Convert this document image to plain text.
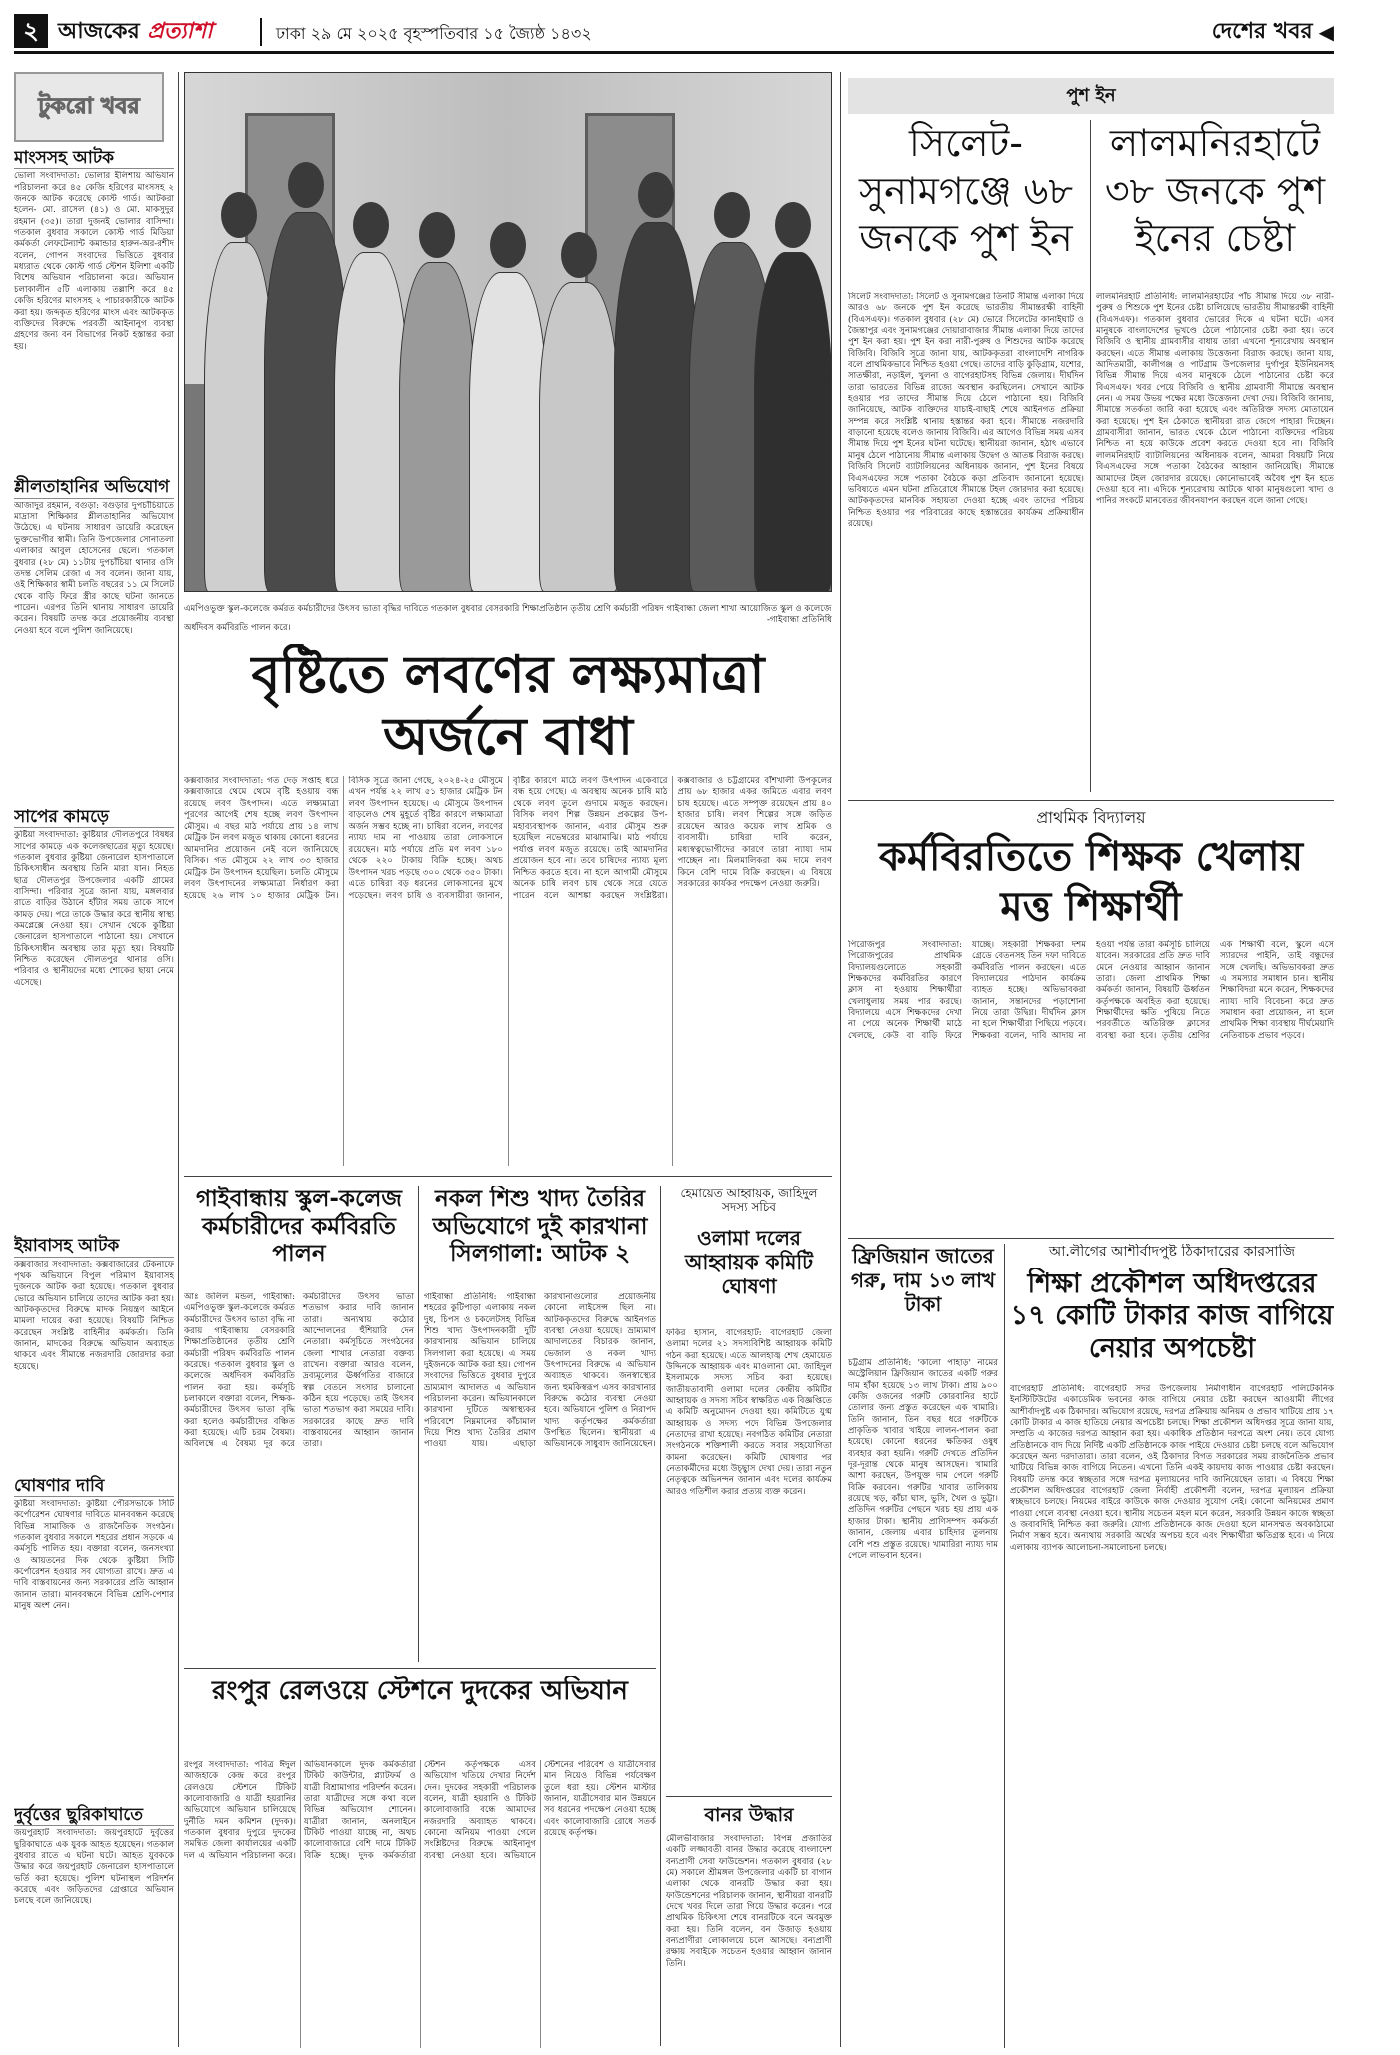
২ আজকের প্রত্যাশা	ঢাকা ২৯ মে ২০২৫ বৃহস্পতিবার ১৫ জ্যৈষ্ঠ ১৪৩২	দেশের খবর ◀
টুকরো খবর
মাংসসহ আটক
ভোলা সংবাদদাতা: ভোলার ইলিশায় অভিযান পরিচালনা করে ৪৫ কেজি হরিণের মাংসসহ ২ জনকে আটক করেছে কোস্ট গার্ড। আটকরা হলেন- মো. রাসেল (৪১) ও মো. মাকসুদুর রহমান (৩৫)। তারা দুজনই ভোলার বাসিন্দা। গতকাল বুধবার সকালে কোস্ট গার্ড মিডিয়া কর্মকর্তা লেফটেন্যান্ট কমান্ডার হারুন-অর-রশীদ বলেন, গোপন সংবাদের ভিত্তিতে বুধবার মধ্যরাত থেকে কোস্ট গার্ড স্টেশন ইলিশা একটি বিশেষ অভিযান পরিচালনা করে। অভিযান চলাকালীন ৫টি এলাকায় তল্লাশি করে ৪৫ কেজি হরিণের মাংসসহ ২ পাচারকারীকে আটক করা হয়। জব্দকৃত হরিণের মাংস এবং আটককৃত ব্যক্তিদের বিরুদ্ধে পরবর্তী আইনানুগ ব্যবস্থা গ্রহণের জন্য বন বিভাগের নিকট হস্তান্তর করা হয়।
শ্লীলতাহানির অভিযোগ
আজাদুর রহমান, বগুড়া: বগুড়ার দুপচাঁচিয়াতে মাদ্রাসা শিক্ষিকার শ্লীলতাহানির অভিযোগ উঠেছে। এ ঘটনায় সাধারণ ডায়েরি করেছেন ভুক্তভোগীর স্বামী। তিনি উপজেলার সোনাতলা এলাকার আবুল হোসেনের ছেলে। গতকাল বুধবার (২৮ মে) ১১টায় দুপচাঁচিয়া থানার ওসি তদন্ত সেলিম রেজা এ সব বলেন। জানা যায়, ওই শিক্ষিকার স্বামী চলতি বছরের ১১ মে সিলেট থেকে বাড়ি ফিরে স্ত্রীর কাছে ঘটনা জানতে পারেন। এরপর তিনি থানায় সাধারণ ডায়েরি করেন। বিষয়টি তদন্ত করে প্রয়োজনীয় ব্যবস্থা নেওয়া হবে বলে পুলিশ জানিয়েছে।
সাপের কামড়ে
কুষ্টিয়া সংবাদদাতা: কুষ্টিয়ার দৌলতপুরে বিষধর সাপের কামড়ে এক কলেজছাত্রের মৃত্যু হয়েছে। গতকাল বুধবার কুষ্টিয়া জেনারেল হাসপাতালে চিকিৎসাধীন অবস্থায় তিনি মারা যান। নিহত ছাত্র দৌলতপুর উপজেলার একটি গ্রামের বাসিন্দা। পরিবার সূত্রে জানা যায়, মঙ্গলবার রাতে বাড়ির উঠানে হাঁটার সময় তাকে সাপে কামড় দেয়। পরে তাকে উদ্ধার করে স্থানীয় স্বাস্থ্য কমপ্লেক্সে নেওয়া হয়। সেখান থেকে কুষ্টিয়া জেনারেল হাসপাতালে পাঠানো হয়। সেখানে চিকিৎসাধীন অবস্থায় তার মৃত্যু হয়। বিষয়টি নিশ্চিত করেছেন দৌলতপুর থানার ওসি। পরিবার ও স্থানীয়দের মধ্যে শোকের ছায়া নেমে এসেছে।
ইয়াবাসহ আটক
কক্সবাজার সংবাদদাতা: কক্সবাজারের টেকনাফে পৃথক অভিযানে বিপুল পরিমাণ ইয়াবাসহ দুজনকে আটক করা হয়েছে। গতকাল বুধবার ভোরে অভিযান চালিয়ে তাদের আটক করা হয়। আটককৃতদের বিরুদ্ধে মাদক নিয়ন্ত্রণ আইনে মামলা দায়ের করা হয়েছে। বিষয়টি নিশ্চিত করেছেন সংশ্লিষ্ট বাহিনীর কর্মকর্তা। তিনি জানান, মাদকের বিরুদ্ধে অভিযান অব্যাহত থাকবে এবং সীমান্তে নজরদারি জোরদার করা হয়েছে।
ঘোষণার দাবি
কুষ্টিয়া সংবাদদাতা: কুষ্টিয়া পৌরসভাকে সিটি কর্পোরেশন ঘোষণার দাবিতে মানববন্ধন করেছে বিভিন্ন সামাজিক ও রাজনৈতিক সংগঠন। গতকাল বুধবার সকালে শহরের প্রধান সড়কে এ কর্মসূচি পালিত হয়। বক্তারা বলেন, জনসংখ্যা ও আয়তনের দিক থেকে কুষ্টিয়া সিটি কর্পোরেশন হওয়ার সব যোগ্যতা রাখে। দ্রুত এ দাবি বাস্তবায়নের জন্য সরকারের প্রতি আহ্বান জানান তারা। মানববন্ধনে বিভিন্ন শ্রেণি-পেশার মানুষ অংশ নেন।
দুর্বৃত্তের ছুরিকাঘাতে
জয়পুরহাট সংবাদদাতা: জয়পুরহাটে দুর্বৃত্তের ছুরিকাঘাতে এক যুবক আহত হয়েছেন। গতকাল বুধবার রাতে এ ঘটনা ঘটে। আহত যুবককে উদ্ধার করে জয়পুরহাট জেনারেল হাসপাতালে ভর্তি করা হয়েছে। পুলিশ ঘটনাস্থল পরিদর্শন করেছে এবং জড়িতদের গ্রেপ্তারে অভিযান চলছে বলে জানিয়েছে।
এমপিওভুক্ত স্কুল-কলেজে কর্মরত কর্মচারীদের উৎসব ভাতা বৃদ্ধির দাবিতে গতকাল বুধবার বেসরকারি শিক্ষাপ্রতিষ্ঠান তৃতীয় শ্রেণি কর্মচারী পরিষদ গাইবান্ধা জেলা শাখা আয়োজিত স্কুল ও কলেজে অর্ধদিবস কর্মবিরতি পালন করে।
-গাইবান্ধা প্রতিনিধি
বৃষ্টিতে লবণের লক্ষ্যমাত্রা অর্জনে বাধা
কক্সবাজার সংবাদদাতা: গত দেড় সপ্তাহ ধরে কক্সবাজারে থেমে থেমে বৃষ্টি হওয়ায় বন্ধ রয়েছে লবণ উৎপাদন। এতে লক্ষ্যমাত্রা পূরণের আগেই শেষ হচ্ছে লবণ উৎপাদন মৌসুম। এ বছর মাঠ পর্যায়ে প্রায় ১৪ লাখ মেট্রিক টন লবণ মজুত থাকায় কোনো ধরনের আমদানির প্রয়োজন নেই বলে জানিয়েছে বিসিক। গত মৌসুমে ২২ লাখ ৩৩ হাজার মেট্রিক টন উৎপাদন হয়েছিল। চলতি মৌসুমে লবণ উৎপাদনের লক্ষ্যমাত্রা নির্ধারণ করা হয়েছে ২৬ লাখ ১০ হাজার মেট্রিক টন। বিসিক সূত্রে জানা গেছে, ২০২৪-২৫ মৌসুমে এখন পর্যন্ত ২২ লাখ ৫১ হাজার মেট্রিক টন লবণ উৎপাদন হয়েছে। এ মৌসুমে উৎপাদন বাড়লেও শেষ মুহূর্তে বৃষ্টির কারণে লক্ষ্যমাত্রা অর্জন সম্ভব হচ্ছে না। চাষিরা বলেন, লবণের ন্যায্য দাম না পাওয়ায় তারা লোকসানে রয়েছেন। মাঠ পর্যায়ে প্রতি মণ লবণ ১৮০ থেকে ২২০ টাকায় বিক্রি হচ্ছে। অথচ উৎপাদন খরচ পড়ছে ৩০০ থেকে ৩৫০ টাকা। এতে চাষিরা বড় ধরনের লোকসানের মুখে পড়েছেন। লবণ চাষি ও ব্যবসায়ীরা জানান, বৃষ্টির কারণে মাঠে লবণ উৎপাদন একেবারে বন্ধ হয়ে গেছে। এ অবস্থায় অনেক চাষি মাঠ থেকে লবণ তুলে গুদামে মজুত করছেন। বিসিক লবণ শিল্প উন্নয়ন প্রকল্পের উপ-মহাব্যবস্থাপক জানান, এবার মৌসুম শুরু হয়েছিল নভেম্বরের মাঝামাঝি। মাঠ পর্যায়ে পর্যাপ্ত লবণ মজুত রয়েছে। তাই আমদানির প্রয়োজন হবে না। তবে চাষিদের ন্যায্য মূল্য নিশ্চিত করতে হবে। না হলে আগামী মৌসুমে অনেক চাষি লবণ চাষ থেকে সরে যেতে পারেন বলে আশঙ্কা করছেন সংশ্লিষ্টরা। কক্সবাজার ও চট্টগ্রামের বাঁশখালী উপকূলের প্রায় ৬৮ হাজার একর জমিতে এবার লবণ চাষ হয়েছে। এতে সম্পৃক্ত রয়েছেন প্রায় ৪০ হাজার চাষি। লবণ শিল্পের সঙ্গে জড়িত রয়েছেন আরও কয়েক লাখ শ্রমিক ও ব্যবসায়ী। চাষিরা দাবি করেন, মধ্যস্বত্বভোগীদের কারণে তারা ন্যায্য দাম পাচ্ছেন না। মিলমালিকরা কম দামে লবণ কিনে বেশি দামে বিক্রি করছেন। এ বিষয়ে সরকারের কার্যকর পদক্ষেপ নেওয়া জরুরি।
গাইবান্ধায় স্কুল-কলেজ কর্মচারীদের কর্মবিরতি পালন
আঃ জলিল মন্ডল, গাইবান্ধা: এমপিওভুক্ত স্কুল-কলেজে কর্মরত কর্মচারীদের উৎসব ভাতা বৃদ্ধি না করায় গাইবান্ধায় বেসরকারি শিক্ষাপ্রতিষ্ঠানের তৃতীয় শ্রেণি কর্মচারী পরিষদ কর্মবিরতি পালন করেছে। গতকাল বুধবার স্কুল ও কলেজে অর্ধদিবস কর্মবিরতি পালন করা হয়। কর্মসূচি চলাকালে বক্তারা বলেন, শিক্ষক-কর্মচারীদের উৎসব ভাতা বৃদ্ধি করা হলেও কর্মচারীদের বঞ্চিত করা হয়েছে। এটি চরম বৈষম্য। অবিলম্বে এ বৈষম্য দূর করে কর্মচারীদের উৎসব ভাতা শতভাগ করার দাবি জানান তারা। অন্যথায় কঠোর আন্দোলনের হুঁশিয়ারি দেন নেতারা। কর্মসূচিতে সংগঠনের জেলা শাখার নেতারা বক্তব্য রাখেন। বক্তারা আরও বলেন, দ্রব্যমূল্যের ঊর্ধ্বগতির বাজারে স্বল্প বেতনে সংসার চালানো কঠিন হয়ে পড়েছে। তাই উৎসব ভাতা শতভাগ করা সময়ের দাবি। সরকারের কাছে দ্রুত দাবি বাস্তবায়নের আহ্বান জানান তারা।
নকল শিশু খাদ্য তৈরির অভিযোগে দুই কারখানা সিলগালা: আটক ২
গাইবান্ধা প্রতিনিধি: গাইবান্ধা শহরের কুটিপাড়া এলাকায় নকল দুধ, চিপস ও চকলেটসহ বিভিন্ন শিশু খাদ্য উৎপাদনকারী দুটি কারখানায় অভিযান চালিয়ে সিলগালা করা হয়েছে। এ সময় দুইজনকে আটক করা হয়। গোপন সংবাদের ভিত্তিতে বুধবার দুপুরে ভ্রাম্যমাণ আদালত এ অভিযান পরিচালনা করেন। অভিযানকালে কারখানা দুটিতে অস্বাস্থ্যকর পরিবেশে নিম্নমানের কাঁচামাল দিয়ে শিশু খাদ্য তৈরির প্রমাণ পাওয়া যায়। এছাড়া কারখানাগুলোর প্রয়োজনীয় কোনো লাইসেন্স ছিল না। আটককৃতদের বিরুদ্ধে আইনগত ব্যবস্থা নেওয়া হয়েছে। ভ্রাম্যমাণ আদালতের বিচারক জানান, ভেজাল ও নকল খাদ্য উৎপাদনের বিরুদ্ধে এ অভিযান অব্যাহত থাকবে। জনস্বাস্থ্যের জন্য হুমকিস্বরূপ এসব কারখানার বিরুদ্ধে কঠোর ব্যবস্থা নেওয়া হবে। অভিযানে পুলিশ ও নিরাপদ খাদ্য কর্তৃপক্ষের কর্মকর্তারা উপস্থিত ছিলেন। স্থানীয়রা এ অভিযানকে সাধুবাদ জানিয়েছেন।
রংপুর রেলওয়ে স্টেশনে দুদকের অভিযান
রংপুর সংবাদদাতা: পবিত্র ঈদুল আজহাকে কেন্দ্র করে রংপুর রেলওয়ে স্টেশনে টিকিট কালোবাজারি ও যাত্রী হয়রানির অভিযোগে অভিযান চালিয়েছে দুর্নীতি দমন কমিশন (দুদক)। গতকাল বুধবার দুপুরে দুদকের সমন্বিত জেলা কার্যালয়ের একটি দল এ অভিযান পরিচালনা করে। অভিযানকালে দুদক কর্মকর্তারা টিকিট কাউন্টার, প্ল্যাটফর্ম ও যাত্রী বিশ্রামাগার পরিদর্শন করেন। তারা যাত্রীদের সঙ্গে কথা বলে বিভিন্ন অভিযোগ শোনেন। যাত্রীরা জানান, অনলাইনে টিকিট পাওয়া যাচ্ছে না, অথচ কালোবাজারে বেশি দামে টিকিট বিক্রি হচ্ছে। দুদক কর্মকর্তারা স্টেশন কর্তৃপক্ষকে এসব অভিযোগ খতিয়ে দেখার নির্দেশ দেন। দুদকের সহকারী পরিচালক বলেন, যাত্রী হয়রানি ও টিকিট কালোবাজারি বন্ধে আমাদের নজরদারি অব্যাহত থাকবে। কোনো অনিয়ম পাওয়া গেলে সংশ্লিষ্টদের বিরুদ্ধে আইনানুগ ব্যবস্থা নেওয়া হবে। অভিযানে স্টেশনের পরিবেশ ও যাত্রীসেবার মান নিয়েও বিভিন্ন পর্যবেক্ষণ তুলে ধরা হয়। স্টেশন মাস্টার জানান, যাত্রীসেবার মান উন্নয়নে সব ধরনের পদক্ষেপ নেওয়া হচ্ছে এবং কালোবাজারি রোধে সতর্ক রয়েছে কর্তৃপক্ষ।
হেমায়েত আহ্বায়ক, জাহিদুল সদস্য সচিব
ওলামা দলের আহ্বায়ক কমিটি ঘোষণা
ফকির হাসান, বাগেরহাট: বাগেরহাট জেলা ওলামা দলের ২১ সদস্যবিশিষ্ট আহ্বায়ক কমিটি গঠন করা হয়েছে। এতে আলহাজ্ব শেখ হেমায়েত উদ্দিনকে আহ্বায়ক এবং মাওলানা মো. জাহিদুল ইসলামকে সদস্য সচিব করা হয়েছে। জাতীয়তাবাদী ওলামা দলের কেন্দ্রীয় কমিটির আহ্বায়ক ও সদস্য সচিব স্বাক্ষরিত এক বিজ্ঞপ্তিতে এ কমিটি অনুমোদন দেওয়া হয়। কমিটিতে যুগ্ম আহ্বায়ক ও সদস্য পদে বিভিন্ন উপজেলার নেতাদের রাখা হয়েছে। নবগঠিত কমিটির নেতারা সংগঠনকে শক্তিশালী করতে সবার সহযোগিতা কামনা করেছেন। কমিটি ঘোষণার পর নেতাকর্মীদের মধ্যে উচ্ছ্বাস দেখা দেয়। তারা নতুন নেতৃত্বকে অভিনন্দন জানান এবং দলের কার্যক্রম আরও গতিশীল করার প্রত্যয় ব্যক্ত করেন।
বানর উদ্ধার
মৌলভীবাজার সংবাদদাতা: বিপন্ন প্রজাতির একটি লজ্জাবতী বানর উদ্ধার করেছে বাংলাদেশ বন্যপ্রাণী সেবা ফাউন্ডেশন। গতকাল বুধবার (২৮ মে) সকালে শ্রীমঙ্গল উপজেলার একটি চা বাগান এলাকা থেকে বানরটি উদ্ধার করা হয়। ফাউন্ডেশনের পরিচালক জানান, স্থানীয়রা বানরটি দেখে খবর দিলে তারা গিয়ে উদ্ধার করেন। পরে প্রাথমিক চিকিৎসা শেষে বানরটিকে বনে অবমুক্ত করা হয়। তিনি বলেন, বন উজাড় হওয়ায় বন্যপ্রাণীরা লোকালয়ে চলে আসছে। বন্যপ্রাণী রক্ষায় সবাইকে সচেতন হওয়ার আহ্বান জানান তিনি।
পুশ ইন
সিলেট-সুনামগঞ্জে ৬৮ জনকে পুশ ইন
লালমনিরহাটে ৩৮ জনকে পুশ ইনের চেষ্টা
সিলেট সংবাদদাতা: সিলেট ও সুনামগঞ্জের তিনটি সীমান্ত এলাকা দিয়ে আরও ৬৮ জনকে পুশ ইন করেছে ভারতীয় সীমান্তরক্ষী বাহিনী (বিএসএফ)। গতকাল বুধবার (২৮ মে) ভোরে সিলেটের কানাইঘাট ও জৈন্তাপুর এবং সুনামগঞ্জের দোয়ারাবাজার সীমান্ত এলাকা দিয়ে তাদের পুশ ইন করা হয়। পুশ ইন করা নারী-পুরুষ ও শিশুদের আটক করেছে বিজিবি। বিজিবি সূত্রে জানা যায়, আটককৃতরা বাংলাদেশি নাগরিক বলে প্রাথমিকভাবে নিশ্চিত হওয়া গেছে। তাদের বাড়ি কুড়িগ্রাম, যশোর, সাতক্ষীরা, নড়াইল, খুলনা ও বাগেরহাটসহ বিভিন্ন জেলায়। দীর্ঘদিন তারা ভারতের বিভিন্ন রাজ্যে অবস্থান করছিলেন। সেখানে আটক হওয়ার পর তাদের সীমান্ত দিয়ে ঠেলে পাঠানো হয়। বিজিবি জানিয়েছে, আটক ব্যক্তিদের যাচাই-বাছাই শেষে আইনগত প্রক্রিয়া সম্পন্ন করে সংশ্লিষ্ট থানায় হস্তান্তর করা হবে। সীমান্তে নজরদারি বাড়ানো হয়েছে বলেও জানায় বিজিবি। এর আগেও বিভিন্ন সময় এসব সীমান্ত দিয়ে পুশ ইনের ঘটনা ঘটেছে। স্থানীয়রা জানান, হঠাৎ এভাবে মানুষ ঠেলে পাঠানোয় সীমান্ত এলাকায় উদ্বেগ ও আতঙ্ক বিরাজ করছে। বিজিবি সিলেট ব্যাটালিয়নের অধিনায়ক জানান, পুশ ইনের বিষয়ে বিএসএফের সঙ্গে পতাকা বৈঠকে কড়া প্রতিবাদ জানানো হয়েছে। ভবিষ্যতে এমন ঘটনা প্রতিরোধে সীমান্তে টহল জোরদার করা হয়েছে। আটককৃতদের মানবিক সহায়তা দেওয়া হচ্ছে এবং তাদের পরিচয় নিশ্চিত হওয়ার পর পরিবারের কাছে হস্তান্তরের কার্যক্রম প্রক্রিয়াধীন রয়েছে।
লালমনিরহাট প্রতিনিধি: লালমনিরহাটের পাঁচ সীমান্ত দিয়ে ৩৮ নারী-পুরুষ ও শিশুকে পুশ ইনের চেষ্টা চালিয়েছে ভারতীয় সীমান্তরক্ষী বাহিনী (বিএসএফ)। গতকাল বুধবার ভোরের দিকে এ ঘটনা ঘটে। এসব মানুষকে বাংলাদেশের ভূখণ্ডে ঠেলে পাঠানোর চেষ্টা করা হয়। তবে বিজিবি ও স্থানীয় গ্রামবাসীর বাধায় তারা এখনো শূন্যরেখায় অবস্থান করছেন। এতে সীমান্ত এলাকায় উত্তেজনা বিরাজ করছে। জানা যায়, আদিতমারী, কালীগঞ্জ ও পাটগ্রাম উপজেলার দুর্গাপুর ইউনিয়নসহ বিভিন্ন সীমান্ত দিয়ে এসব মানুষকে ঠেলে পাঠানোর চেষ্টা করে বিএসএফ। খবর পেয়ে বিজিবি ও স্থানীয় গ্রামবাসী সীমান্তে অবস্থান নেন। এ সময় উভয় পক্ষের মধ্যে উত্তেজনা দেখা দেয়। বিজিবি জানায়, সীমান্তে সতর্কতা জারি করা হয়েছে এবং অতিরিক্ত সদস্য মোতায়েন করা হয়েছে। পুশ ইন ঠেকাতে স্থানীয়রা রাত জেগে পাহারা দিচ্ছেন। গ্রামবাসীরা জানান, ভারত থেকে ঠেলে পাঠানো ব্যক্তিদের পরিচয় নিশ্চিত না হয়ে কাউকে প্রবেশ করতে দেওয়া হবে না। বিজিবি লালমনিরহাট ব্যাটালিয়নের অধিনায়ক বলেন, আমরা বিষয়টি নিয়ে বিএসএফের সঙ্গে পতাকা বৈঠকের আহ্বান জানিয়েছি। সীমান্তে আমাদের টহল জোরদার রয়েছে। কোনোভাবেই অবৈধ পুশ ইন হতে দেওয়া হবে না। এদিকে শূন্যরেখায় আটকে থাকা মানুষগুলো খাদ্য ও পানির সংকটে মানবেতর জীবনযাপন করছেন বলে জানা গেছে।
প্রাথমিক বিদ্যালয়
কর্মবিরতিতে শিক্ষক খেলায় মত্ত শিক্ষার্থী
পিরোজপুর সংবাদদাতা: পিরোজপুরের প্রাথমিক বিদ্যালয়গুলোতে সহকারী শিক্ষকদের কর্মবিরতির কারণে ক্লাস না হওয়ায় শিক্ষার্থীরা খেলাধুলায় সময় পার করছে। বিদ্যালয়ে এসে শিক্ষকদের দেখা না পেয়ে অনেক শিক্ষার্থী মাঠে খেলছে, কেউ বা বাড়ি ফিরে যাচ্ছে। সহকারী শিক্ষকরা দশম গ্রেডে বেতনসহ তিন দফা দাবিতে কর্মবিরতি পালন করছেন। এতে বিদ্যালয়ের পাঠদান কার্যক্রম ব্যাহত হচ্ছে। অভিভাবকরা জানান, সন্তানদের পড়াশোনা নিয়ে তারা উদ্বিগ্ন। দীর্ঘদিন ক্লাস না হলে শিক্ষার্থীরা পিছিয়ে পড়বে। শিক্ষকরা বলেন, দাবি আদায় না হওয়া পর্যন্ত তারা কর্মসূচি চালিয়ে যাবেন। সরকারের প্রতি দ্রুত দাবি মেনে নেওয়ার আহ্বান জানান তারা। জেলা প্রাথমিক শিক্ষা কর্মকর্তা জানান, বিষয়টি ঊর্ধ্বতন কর্তৃপক্ষকে অবহিত করা হয়েছে। শিক্ষার্থীদের ক্ষতি পুষিয়ে নিতে পরবর্তীতে অতিরিক্ত ক্লাসের ব্যবস্থা করা হবে। তৃতীয় শ্রেণির এক শিক্ষার্থী বলে, স্কুলে এসে স্যারদের পাইনি, তাই বন্ধুদের সঙ্গে খেলছি। অভিভাবকরা দ্রুত এ সমস্যার সমাধান চান। স্থানীয় শিক্ষাবিদরা মনে করেন, শিক্ষকদের ন্যায্য দাবি বিবেচনা করে দ্রুত সমাধান করা প্রয়োজন, না হলে প্রাথমিক শিক্ষা ব্যবস্থায় দীর্ঘমেয়াদি নেতিবাচক প্রভাব পড়বে।
ফ্রিজিয়ান জাতের গরু, দাম ১৩ লাখ টাকা
চট্টগ্রাম প্রতিনিধি: 'কালো পাহাড়' নামের অস্ট্রেলিয়ান ফ্রিজিয়ান জাতের একটি গরুর দাম হাঁকা হয়েছে ১৩ লাখ টাকা। প্রায় ৯০০ কেজি ওজনের গরুটি কোরবানির হাটে তোলার জন্য প্রস্তুত করেছেন এক খামারি। তিনি জানান, তিন বছর ধরে গরুটিকে প্রাকৃতিক খাবার খাইয়ে লালন-পালন করা হয়েছে। কোনো ধরনের ক্ষতিকর ওষুধ ব্যবহার করা হয়নি। গরুটি দেখতে প্রতিদিন দূর-দূরান্ত থেকে মানুষ আসছেন। খামারি আশা করছেন, উপযুক্ত দাম পেলে গরুটি বিক্রি করবেন। গরুটির খাবার তালিকায় রয়েছে খড়, কাঁচা ঘাস, ভুসি, খৈল ও ভুট্টা। প্রতিদিন গরুটির পেছনে খরচ হয় প্রায় এক হাজার টাকা। স্থানীয় প্রাণিসম্পদ কর্মকর্তা জানান, জেলায় এবার চাহিদার তুলনায় বেশি পশু প্রস্তুত রয়েছে। খামারিরা ন্যায্য দাম পেলে লাভবান হবেন।
আ.লীগের আশীর্বাদপুষ্ট ঠিকাদারের কারসাজি
শিক্ষা প্রকৌশল অধিদপ্তরের ১৭ কোটি টাকার কাজ বাগিয়ে নেয়ার অপচেষ্টা
বাগেরহাট প্রতিনিধি: বাগেরহাট সদর উপজেলায় নির্মাণাধীন বাগেরহাট পলিটেকনিক ইনস্টিটিউটের একাডেমিক ভবনের কাজ বাগিয়ে নেয়ার চেষ্টা করছেন আওয়ামী লীগের আশীর্বাদপুষ্ট এক ঠিকাদার। অভিযোগ রয়েছে, দরপত্র প্রক্রিয়ায় অনিয়ম ও প্রভাব খাটিয়ে প্রায় ১৭ কোটি টাকার এ কাজ হাতিয়ে নেয়ার অপচেষ্টা চলছে। শিক্ষা প্রকৌশল অধিদপ্তর সূত্রে জানা যায়, সম্প্রতি এ কাজের দরপত্র আহ্বান করা হয়। একাধিক প্রতিষ্ঠান দরপত্রে অংশ নেয়। তবে যোগ্য প্রতিষ্ঠানকে বাদ দিয়ে নির্দিষ্ট একটি প্রতিষ্ঠানকে কাজ পাইয়ে দেওয়ার চেষ্টা চলছে বলে অভিযোগ করেছেন অন্য দরদাতারা। তারা বলেন, ওই ঠিকাদার বিগত সরকারের সময় রাজনৈতিক প্রভাব খাটিয়ে বিভিন্ন কাজ বাগিয়ে নিতেন। এখনো তিনি একই কায়দায় কাজ পাওয়ার চেষ্টা করছেন। বিষয়টি তদন্ত করে স্বচ্ছতার সঙ্গে দরপত্র মূল্যায়নের দাবি জানিয়েছেন তারা। এ বিষয়ে শিক্ষা প্রকৌশল অধিদপ্তরের বাগেরহাট জেলা নির্বাহী প্রকৌশলী বলেন, দরপত্র মূল্যায়ন প্রক্রিয়া স্বচ্ছভাবে চলছে। নিয়মের বাইরে কাউকে কাজ দেওয়ার সুযোগ নেই। কোনো অনিয়মের প্রমাণ পাওয়া গেলে ব্যবস্থা নেওয়া হবে। স্থানীয় সচেতন মহল মনে করেন, সরকারি উন্নয়ন কাজে স্বচ্ছতা ও জবাবদিহি নিশ্চিত করা জরুরি। যোগ্য প্রতিষ্ঠানকে কাজ দেওয়া হলে মানসম্মত অবকাঠামো নির্মাণ সম্ভব হবে। অন্যথায় সরকারি অর্থের অপচয় হবে এবং শিক্ষার্থীরা ক্ষতিগ্রস্ত হবে। এ নিয়ে এলাকায় ব্যাপক আলোচনা-সমালোচনা চলছে।
